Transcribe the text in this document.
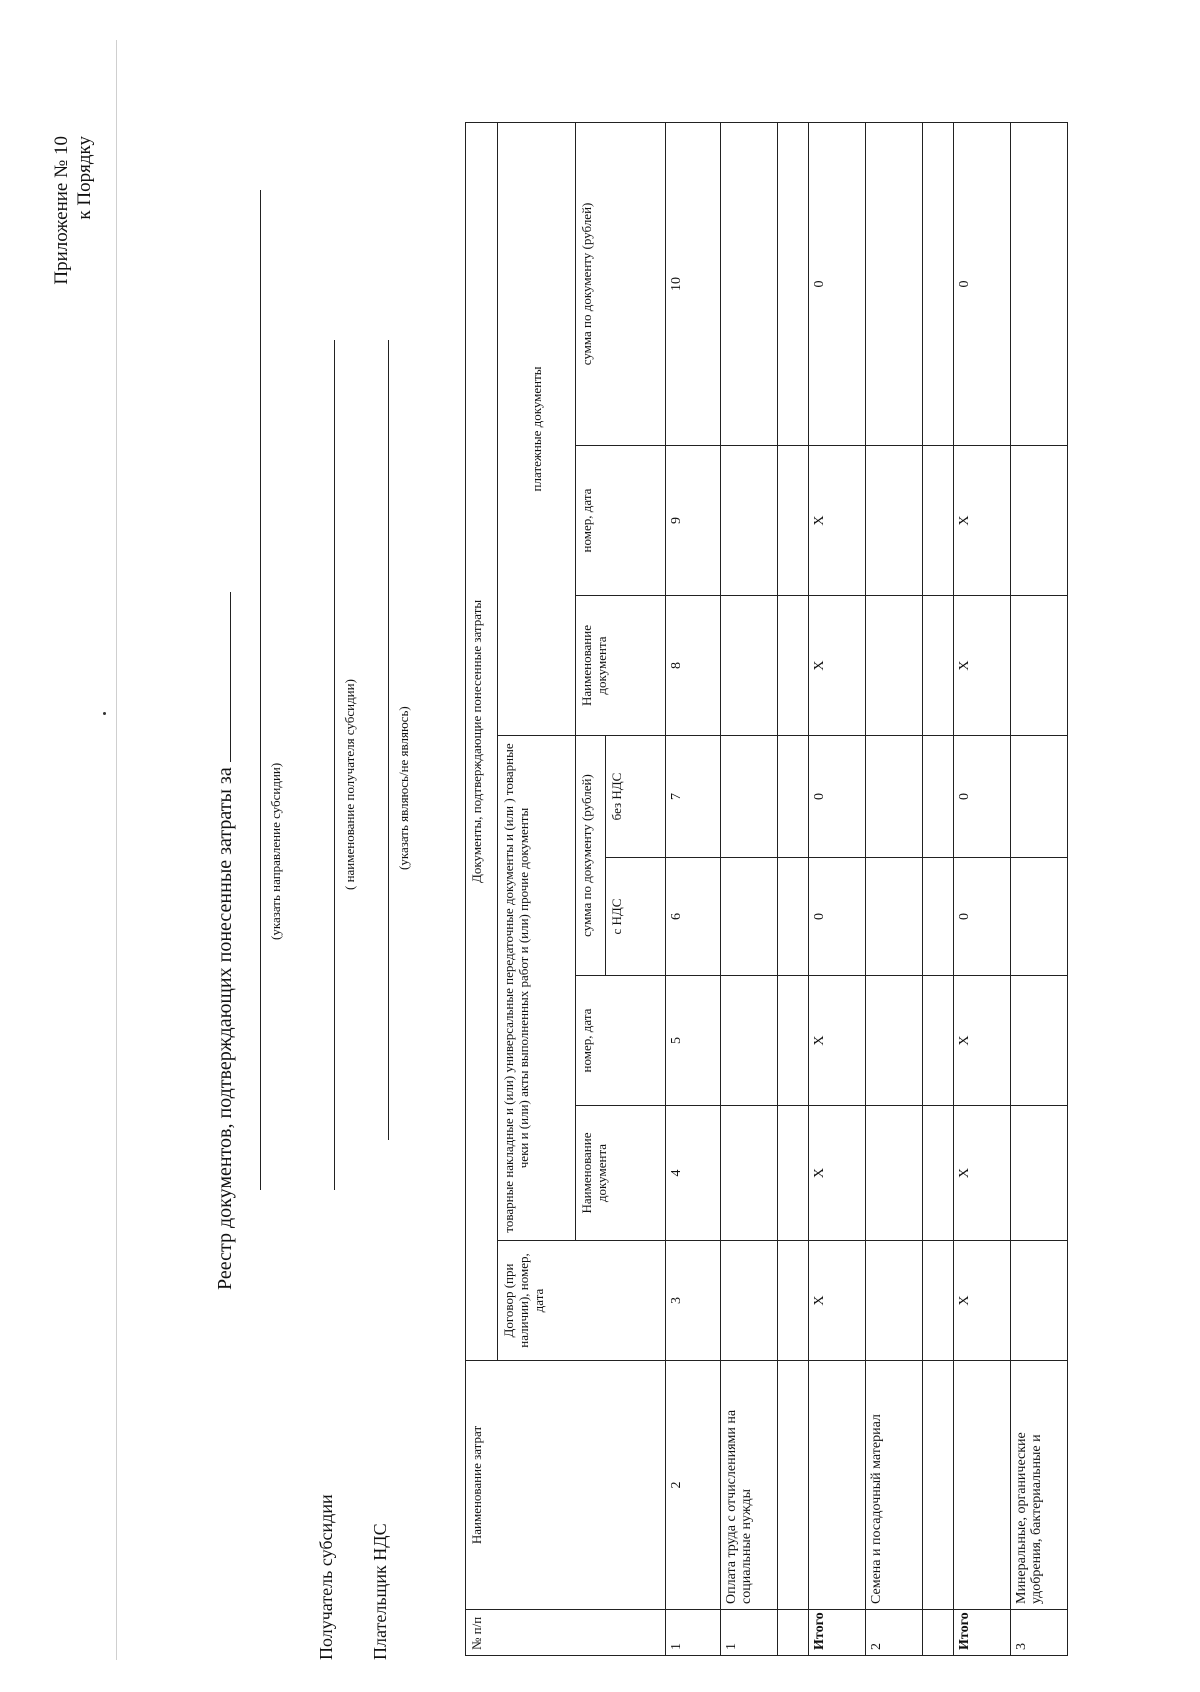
Приложение № 10 к Порядку
Реестр документов, подтверждающих понесенные затраты за (указать направление субсидии)
Получатель субсидии
( наименование получателя субсидии)
Плательщик НДС
(указать являюсь/не являюсь)
№ п/п	Наименование затрат	Документы, подтверждающие понесенные затраты							
		Договор (при наличии), номер, дата	товарные накладные и (или) универсальные передаточные документы и (или ) товарные чеки и (или) акты выполненных работ и (или) прочие документы				платежные документы		
			Наименование документа	номер, дата	сумма по документу (рублей)		Наименование документа	номер, дата	сумма по документу (рублей)
					с НДС	без НДС			
1	2	3	4	5	6	7	8	9	10
1	Оплата труда с отчислениями на социальные нужды								

Итого		Х	Х	Х	0	0	Х	Х	0
2	Семена и посадочный материал								

Итого		Х	Х	Х	0	0	Х	Х	0
3	Минеральные, органические удобрения, бактериальные и								
